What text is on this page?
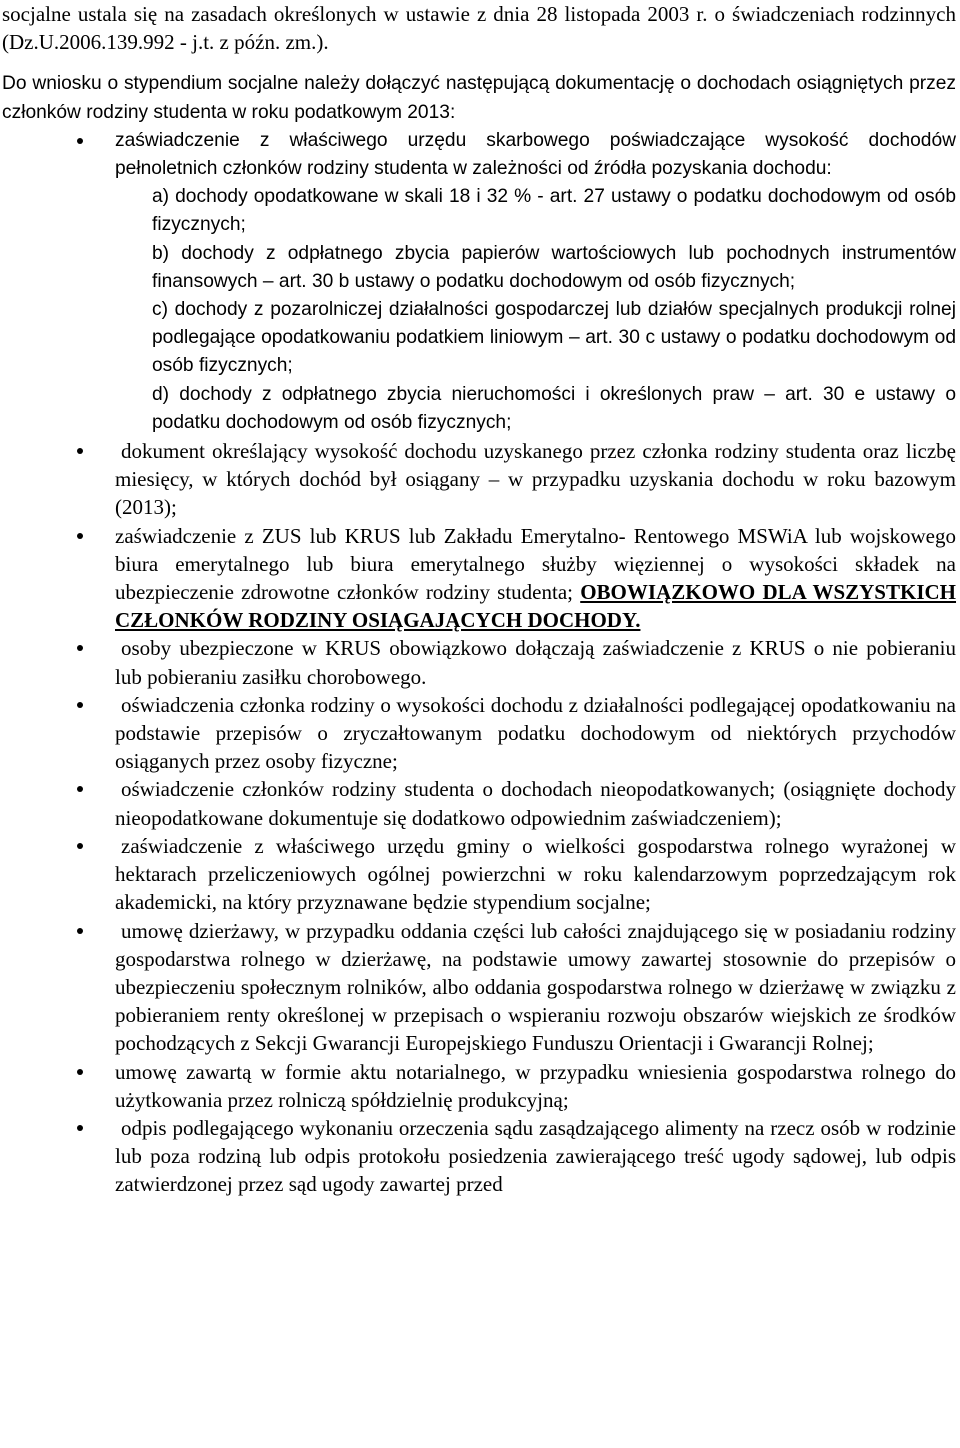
socjalne ustala się na zasadach określonych w ustawie z dnia 28 listopada 2003 r. o świadczeniach rodzinnych (Dz.U.2006.139.992 - j.t. z późn. zm.).

Do wniosku o stypendium socjalne należy dołączyć następującą dokumentację o dochodach osiągniętych przez członków rodziny studenta w roku podatkowym 2013:

zaświadczenie z właściwego urzędu skarbowego poświadczające wysokość dochodów pełnoletnich członków rodziny studenta w zależności od źródła pozyskania dochodu:
a) dochody opodatkowane w skali 18 i 32 % - art. 27 ustawy o podatku dochodowym od osób fizycznych;
b) dochody z odpłatnego zbycia papierów wartościowych lub pochodnych instrumentów finansowych – art. 30 b ustawy o podatku dochodowym od osób fizycznych;
c) dochody z pozarolniczej działalności gospodarczej lub działów specjalnych produkcji rolnej podlegające opodatkowaniu podatkiem liniowym – art. 30 c ustawy o podatku dochodowym od osób fizycznych;
d) dochody z odpłatnego zbycia nieruchomości i określonych praw – art. 30 e ustawy o podatku dochodowym od osób fizycznych;
dokument określający wysokość dochodu uzyskanego przez członka rodziny studenta oraz liczbę miesięcy, w których dochód był osiągany – w przypadku uzyskania dochodu w roku bazowym (2013);
zaświadczenie z ZUS lub KRUS lub Zakładu Emerytalno- Rentowego MSWiA lub wojskowego biura emerytalnego lub biura emerytalnego służby więziennej o wysokości składek na ubezpieczenie zdrowotne członków rodziny studenta; OBOWIĄZKOWO DLA WSZYSTKICH CZŁONKÓW RODZINY OSIĄGAJĄCYCH DOCHODY.
osoby ubezpieczone w KRUS obowiązkowo dołączają zaświadczenie z KRUS o nie pobieraniu lub pobieraniu zasiłku chorobowego.
oświadczenia członka rodziny o wysokości dochodu z działalności podlegającej opodatkowaniu na podstawie przepisów o zryczałtowanym podatku dochodowym od niektórych przychodów osiąganych przez osoby fizyczne;
oświadczenie członków rodziny studenta o dochodach nieopodatkowanych; (osiągnięte dochody nieopodatkowane dokumentuje się dodatkowo odpowiednim zaświadczeniem);
zaświadczenie z właściwego urzędu gminy o wielkości gospodarstwa rolnego wyrażonej w hektarach przeliczeniowych ogólnej powierzchni w roku kalendarzowym poprzedzającym rok akademicki, na który przyznawane będzie stypendium socjalne;
umowę dzierżawy, w przypadku oddania części lub całości znajdującego się w posiadaniu rodziny gospodarstwa rolnego w dzierżawę, na podstawie umowy zawartej stosownie do przepisów o ubezpieczeniu społecznym rolników, albo oddania gospodarstwa rolnego w dzierżawę w związku z pobieraniem renty określonej w przepisach o wspieraniu rozwoju obszarów wiejskich ze środków pochodzących z Sekcji Gwarancji Europejskiego Funduszu Orientacji i Gwarancji Rolnej;
umowę zawartą w formie aktu notarialnego, w przypadku wniesienia gospodarstwa rolnego do użytkowania przez rolniczą spółdzielnię produkcyjną;
odpis podlegającego wykonaniu orzeczenia sądu zasądzającego alimenty na rzecz osób w rodzinie lub poza rodziną lub odpis protokołu posiedzenia zawierającego treść ugody sądowej, lub odpis zatwierdzonej przez sąd ugody zawartej przed
